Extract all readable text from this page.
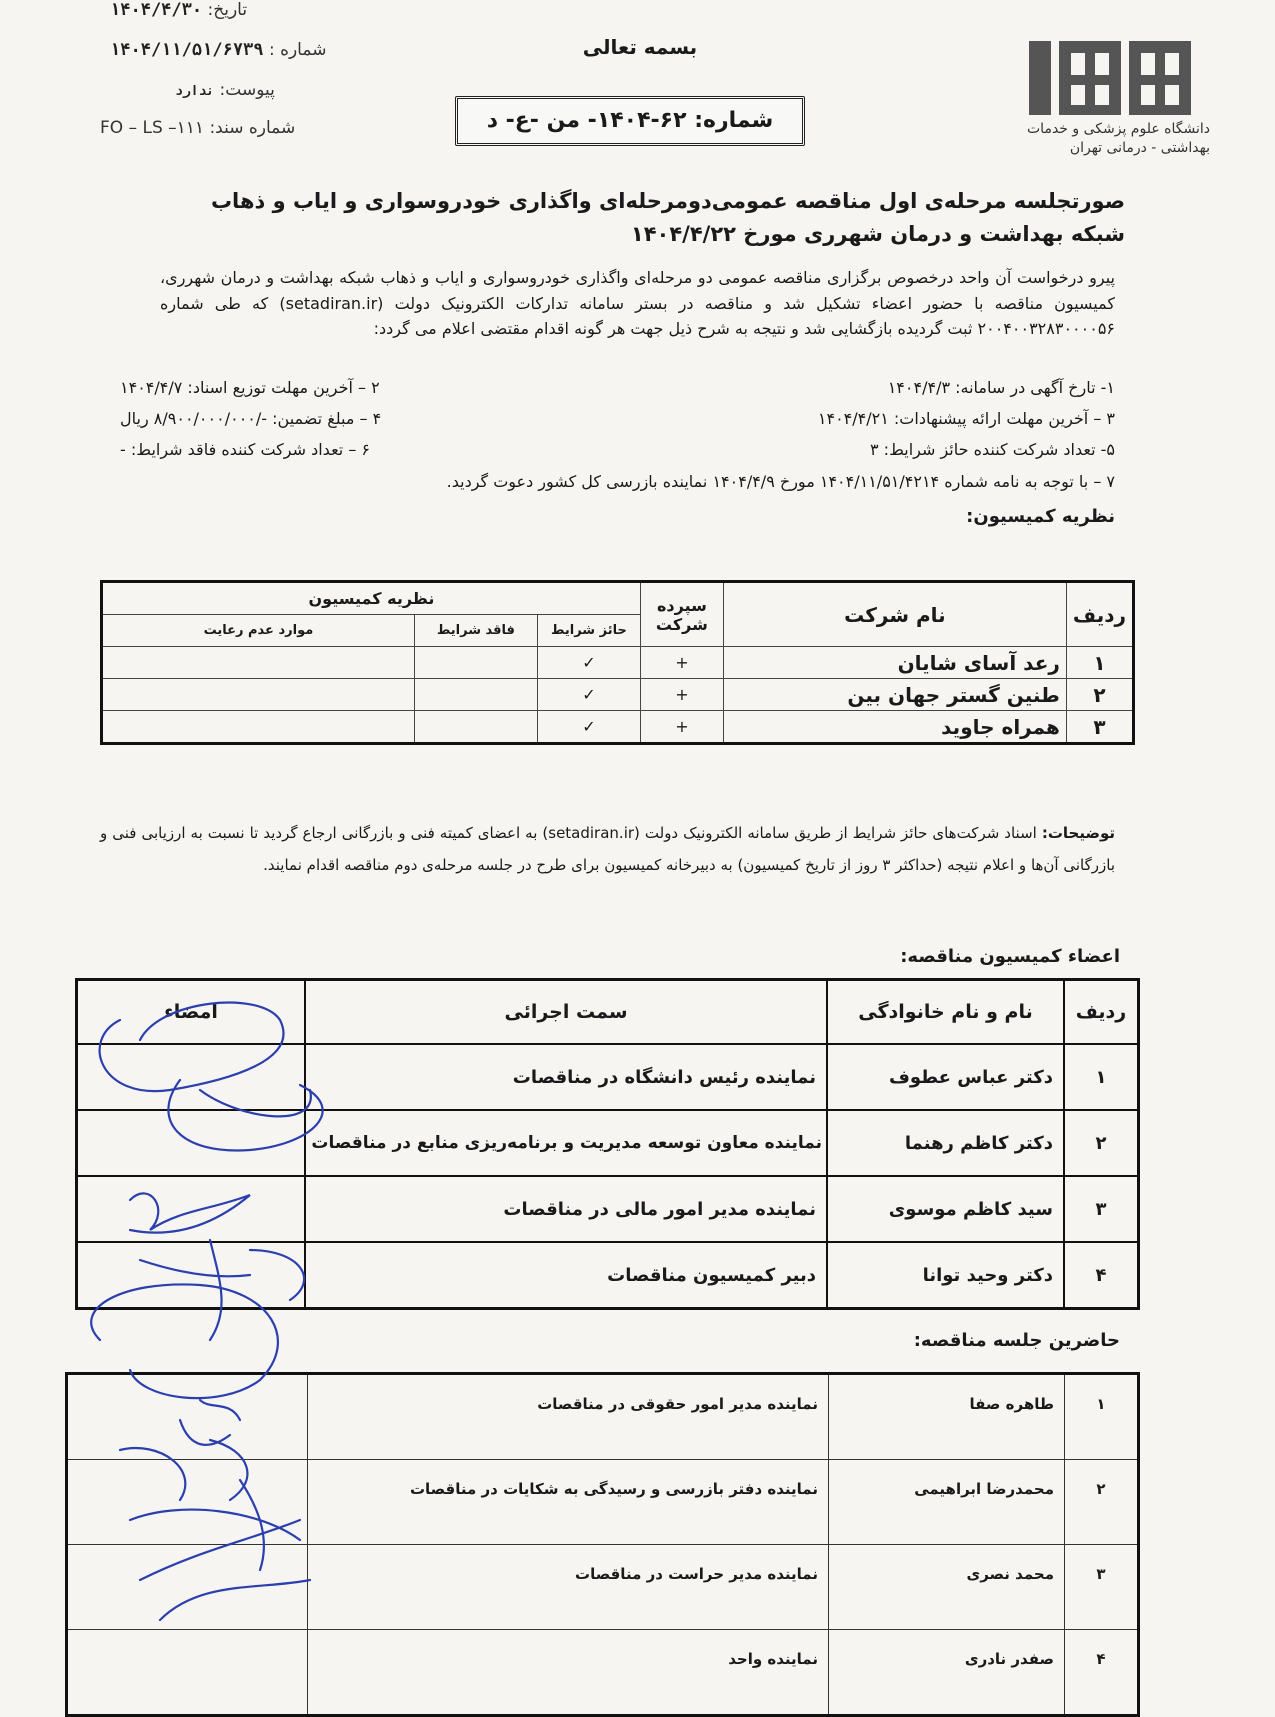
تاریخ: ۱۴۰۴/۴/۳۰
شماره : ۱۴۰۴/۱۱/۵۱/۶۷۳۹
پیوست: ندارد
شماره سند: FO – LS –۱۱۱
بسمه تعالی
شماره: ۶۲-۱۴۰۴- من -ع- د	دانشگاه علوم پزشکی و خدمات
بهداشتی - درمانی تهران
صورتجلسه مرحله‌ی اول مناقصه عمومی‌دومرحله‌ای واگذاری خودروسواری و ایاب و ذهاب شبکه بهداشت و درمان شهرری مورخ ۱۴۰۴/۴/۲۲
پیرو درخواست آن واحد درخصوص برگزاری مناقصه عمومی دو مرحله‌ای واگذاری خودروسواری و ایاب و ذهاب شبکه بهداشت و درمان شهرری، کمیسیون مناقصه با حضور اعضاء تشکیل شد و مناقصه در بستر سامانه تدارکات الکترونیک دولت (setadiran.ir) که طی شماره ۲۰۰۴۰۰۳۲۸۳۰۰۰۰۵۶ ثبت گردیده بازگشایی شد و نتیجه به شرح ذیل جهت هر گونه اقدام مقتضی اعلام می گردد:
۱- تارخ آگهی در سامانه: ۱۴۰۴/۴/۳
۲ – آخرین مهلت توزیع اسناد: ۱۴۰۴/۴/۷
۳ – آخرین مهلت ارائه پیشنهادات: ۱۴۰۴/۴/۲۱
۴ – مبلغ تضمین: -/۸/۹۰۰/۰۰۰/۰۰۰ ریال
۵- تعداد شرکت کننده حائز شرایط: ۳
۶ – تعداد شرکت کننده فاقد شرایط: -
۷ – با توجه به نامه شماره ۱۴۰۴/۱۱/۵۱/۴۲۱۴ مورخ ۱۴۰۴/۴/۹ نماینده بازرسی کل کشور دعوت گردید.
نظریه کمیسیون:
ردیف	نام شرکت	سپرده شرکت	نظریه کمیسیون		
			حائز شرایط	فاقد شرایط	موارد عدم رعایت
۱	رعد آسای شایان	+	✓		
۲	طنین گستر جهان بین	+	✓		
۳	همراه جاوید	+	✓		
توضیحات: اسناد شرکت‌های حائز شرایط از طریق سامانه الکترونیک دولت (setadiran.ir) به اعضای کمیته فنی و بازرگانی ارجاع گردید تا نسبت به ارزیابی فنی و بازرگانی آن‌ها و اعلام نتیجه (حداکثر ۳ روز از تاریخ کمیسیون) به دبیرخانه کمیسیون برای طرح در جلسه مرحله‌ی دوم مناقصه اقدام نمایند.
اعضاء کمیسیون مناقصه:
ردیف	نام و نام خانوادگی	سمت اجرائی	امضاء
۱	دکتر عباس عطوف	نماینده رئیس دانشگاه در مناقصات	
۲	دکتر کاظم رهنما	نماینده معاون توسعه مدیریت و برنامه‌ریزی منابع در مناقصات	
۳	سید کاظم موسوی	نماینده مدیر امور مالی در مناقصات	
۴	دکتر وحید توانا	دبیر کمیسیون مناقصات	
حاضرین جلسه مناقصه:
۱	طاهره صفا	نماینده مدیر امور حقوقی در مناقصات	
۲	محمدرضا ابراهیمی	نماینده دفتر بازرسی و رسیدگی به شکایات در مناقصات	
۳	محمد نصری	نماینده مدیر حراست در مناقصات	
۴	صفدر نادری	نماینده واحد	
